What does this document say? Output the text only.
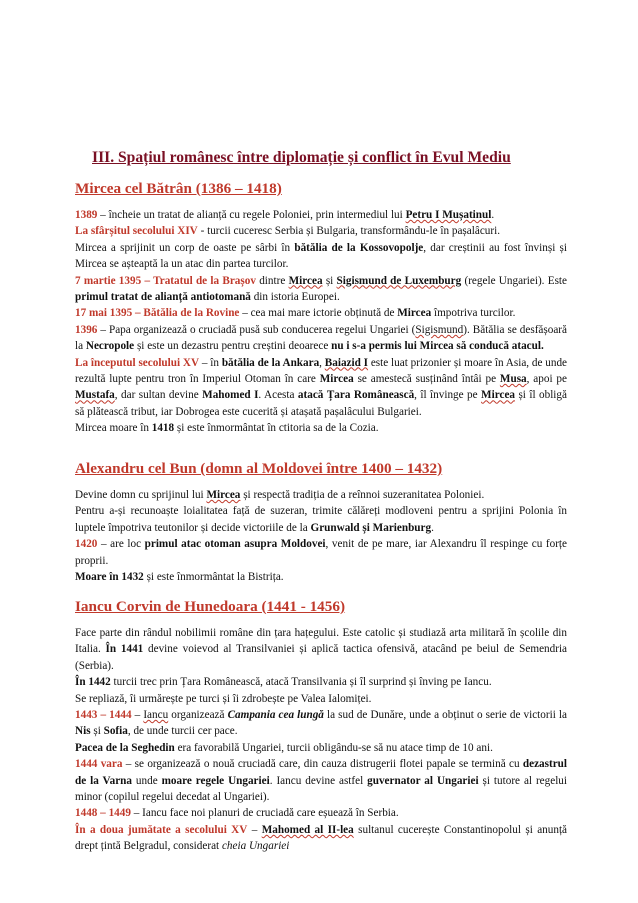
III. Spațiul românesc între diplomație și conflict în Evul Mediu
Mircea cel Bătrân (1386 – 1418)

1389 – încheie un tratat de alianță cu regele Poloniei, prin intermediul lui Petru I Mușatinul.

La sfârșitul secolului XIV - turcii cuceresc Serbia și Bulgaria, transformându-le în pașalâcuri.

Mircea a sprijinit un corp de oaste pe sârbi în bătălia de la Kossovopolje, dar creștinii au fost învinși și Mircea se așteaptă la un atac din partea turcilor.

7 martie 1395 – Tratatul de la Brașov dintre Mircea și Sigismund de Luxemburg (regele Ungariei). Este primul tratat de alianță antiotomană din istoria Europei.

17 mai 1395 – Bătălia de la Rovine – cea mai mare ictorie obținută de Mircea împotriva turcilor.

1396 – Papa organizează o cruciadă pusă sub conducerea regelui Ungariei (Sigismund). Bătălia se desfășoară la Necropole și este un dezastru pentru creștini deoarece nu i s-a permis lui Mircea să conducă atacul.

La începutul secolului XV – în bătălia de la Ankara, Baiazid I este luat prizonier și moare în Asia, de unde rezultă lupte pentru tron în Imperiul Otoman în care Mircea se amestecă susținând întâi pe Musa, apoi pe Mustafa, dar sultan devine Mahomed I. Acesta atacă Țara Românească, îl învinge pe Mircea și îl obligă să plătească tribut, iar Dobrogea este cucerită și atașată pașalâcului Bulgariei.

Mircea moare în 1418 și este înmormântat în ctitoria sa de la Cozia.

Alexandru cel Bun (domn al Moldovei între 1400 – 1432)

Devine domn cu sprijinul lui Mircea și respectă tradiția de a reînnoi suzeranitatea Poloniei.

Pentru a-și recunoaște loialitatea față de suzeran, trimite călăreți modloveni pentru a sprijini Polonia în luptele împotriva teutonilor și decide victoriile de la Grunwald și Marienburg.

1420 – are loc primul atac otoman asupra Moldovei, venit de pe mare, iar Alexandru îl respinge cu forțe proprii.

Moare în 1432 și este înmormântat la Bistrița.

Iancu Corvin de Hunedoara (1441 - 1456)

Face parte din rândul nobilimii române din țara hațegului. Este catolic și studiază arta militară în școlile din Italia. În 1441 devine voievod al Transilvaniei și aplică tactica ofensivă, atacând pe beiul de Semendria (Serbia).

În 1442 turcii trec prin Țara Românească, atacă Transilvania și îl surprind și înving pe Iancu.

Se repliază, îi urmărește pe turci și îi zdrobește pe Valea Ialomiței.

1443 – 1444 – Iancu organizează Campania cea lungă la sud de Dunăre, unde a obținut o serie de victorii la Nis și Sofia, de unde turcii cer pace.

Pacea de la Seghedin era favorabilă Ungariei, turcii obligându-se să nu atace timp de 10 ani.

1444 vara – se organizează o nouă cruciadă care, din cauza distrugerii flotei papale se termină cu dezastrul de la Varna unde moare regele Ungariei. Iancu devine astfel guvernator al Ungariei și tutore al regelui minor (copilul regelui decedat al Ungariei).

1448 – 1449 – Iancu face noi planuri de cruciadă care eșuează în Serbia.

În a doua jumătate a secolului XV – Mahomed al II-lea sultanul cucerește Constantinopolul și anunță drept țintă Belgradul, considerat cheia Ungariei
